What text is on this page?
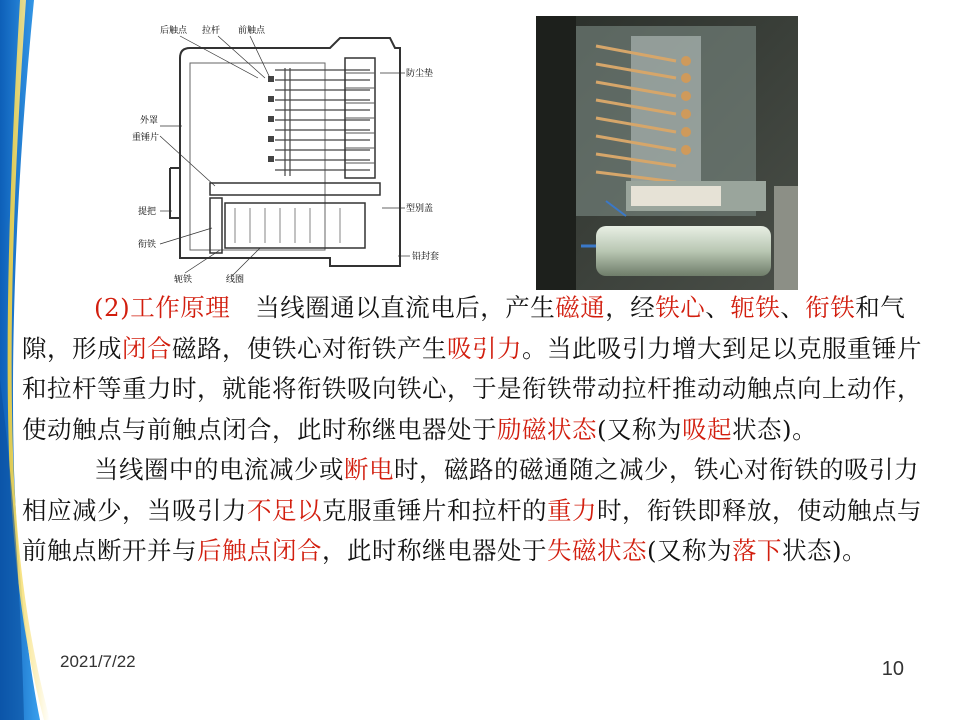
后触点 拉杆 前触点
防尘垫
外罩
重锤片
型别盖
提把
衔铁
铅封套
轭铁	线圈

(2)工作原理　当线圈通以直流电后，产生磁通，经铁心、轭铁、衔铁和气隙，形成闭合磁路，使铁心对衔铁产生吸引力。当此吸引力增大到足以克服重锤片和拉杆等重力时，就能将衔铁吸向铁心，于是衔铁带动拉杆推动动触点向上动作，使动触点与前触点闭合，此时称继电器处于励磁状态(又称为吸起状态)。

当线圈中的电流减少或断电时，磁路的磁通随之减少，铁心对衔铁的吸引力相应减少，当吸引力不足以克服重锤片和拉杆的重力时，衔铁即释放，使动触点与前触点断开并与后触点闭合，此时称继电器处于失磁状态(又称为落下状态)。

2021/7/22	10
